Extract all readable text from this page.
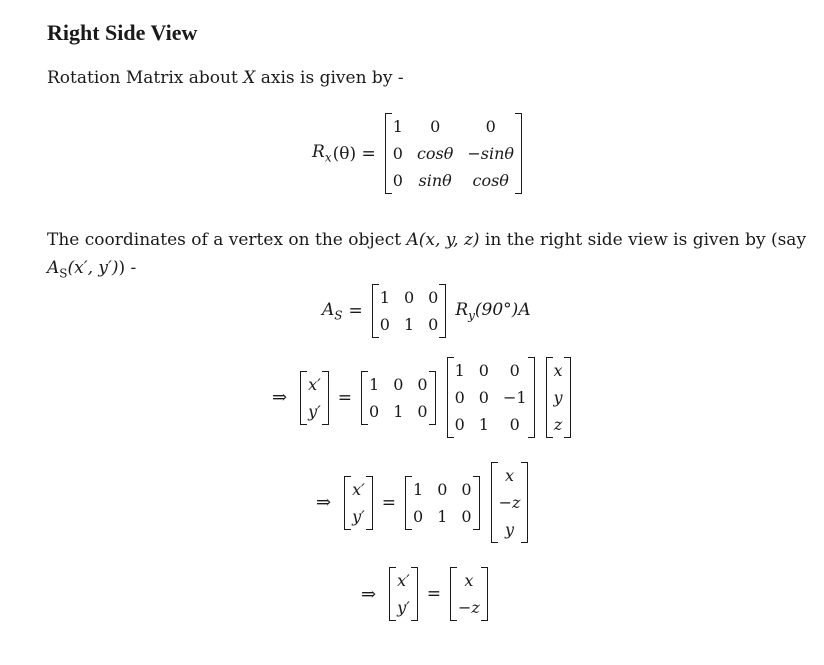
Right Side View
Rotation Matrix about X axis is given by -
$R_x$ (θ) =
1	0	0
0	cosθ	−sinθ
0	sinθ	cosθ
The coordinates of a vertex on the object A(x, y, z) in the right side view is given by (say
$A_S(x'$, y′)) -
$A_S$ =
1	0	0
0	1	0
$R_y(90^\circ)A$
⇒
x′
y′
=
1	0	0
0	1	0
1	0	0
0	0	−1
0	1	0
x
y
z
⇒
x′
y′
=
1	0	0
0	1	0
x
−z
y
⇒
x′
y′
=
x
−z
